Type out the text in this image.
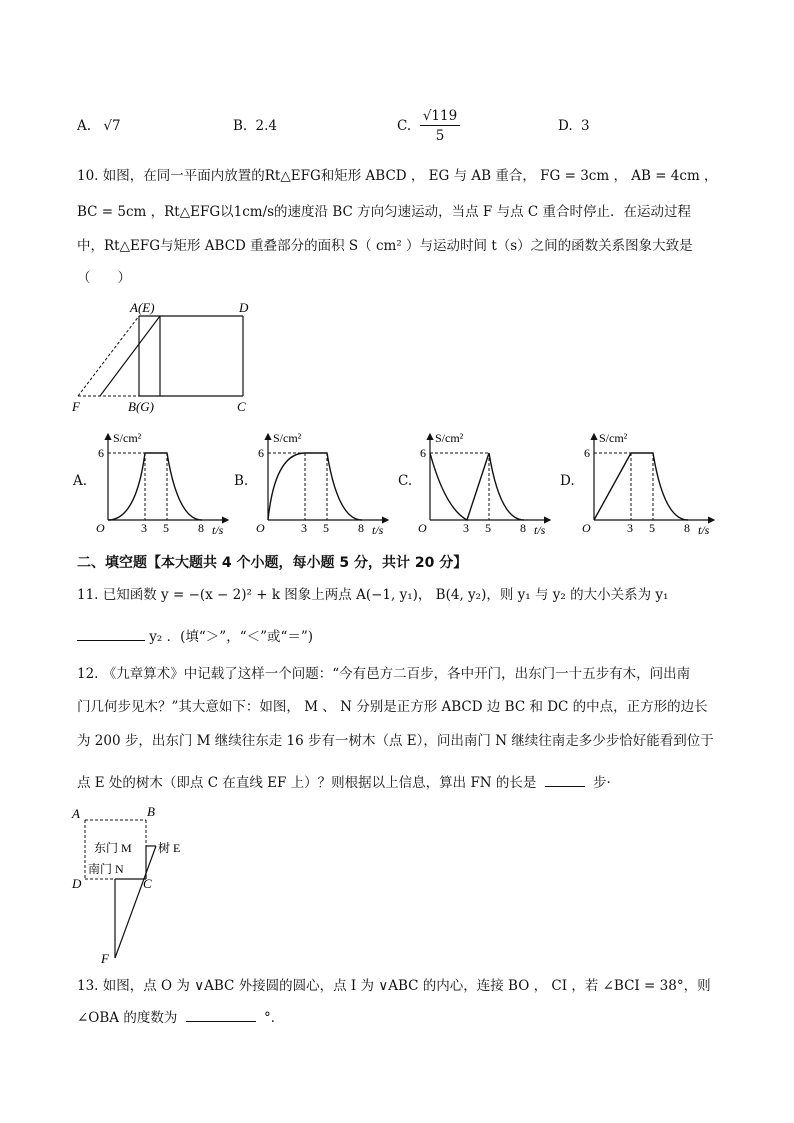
A. √7	B. 2.4	C. $\frac{√119}{5}$	D. 3
10. 如图，在同一平面内放置的Rt△EFG和矩形 ABCD ， EG 与 AB 重合， FG = 3cm ， AB = 4cm ，
BC = 5cm ，Rt△EFG以1cm/s的速度沿 BC 方向匀速运动，当点 F 与点 C 重合时停止．在运动过程
中，Rt△EFG与矩形 ABCD 重叠部分的面积 S（ cm² ）与运动时间 t（s）之间的函数关系图象大致是
（　　）
A(E)	D
F	B(G)	C
A.	B.	C.	D.
S/cm²
t/s
O
6
3 5 8
S/cm²
t/s
O
6
3 5 8
S/cm²
t/s
O
6
3 5 8
S/cm²
t/s
O
6
3 5 8
二、填空题【本大题共 4 个小题，每小题 5 分，共计 20 分】
11. 已知函数 y = −(x − 2)² + k 图象上两点 A(−1, y₁)， B(4, y₂)，则 y₁ 与 y₂ 的大小关系为 y₁
y₂ ．(填“＞”，“＜”或“＝”)
12. 《九章算术》中记载了这样一个问题：“今有邑方二百步，各中开门，出东门一十五步有木，问出南
门几何步见木？”其大意如下：如图， M 、 N 分别是正方形 ABCD 边 BC 和 DC 的中点，正方形的边长
为 200 步，出东门 M 继续往东走 16 步有一树木（点 E），问出南门 N 继续往南走多少步恰好能看到位于
点 E 处的树木（即点 C 在直线 EF 上）？则根据以上信息，算出 FN 的长是	步·
A	B
东门 M 树 E
南门 N
D	C
F
13. 如图，点 O 为 ∨ABC 外接圆的圆心，点 I 为 ∨ABC 的内心，连接 BO ， CI ，若 ∠BCI = 38°，则
∠OBA 的度数为	°．
